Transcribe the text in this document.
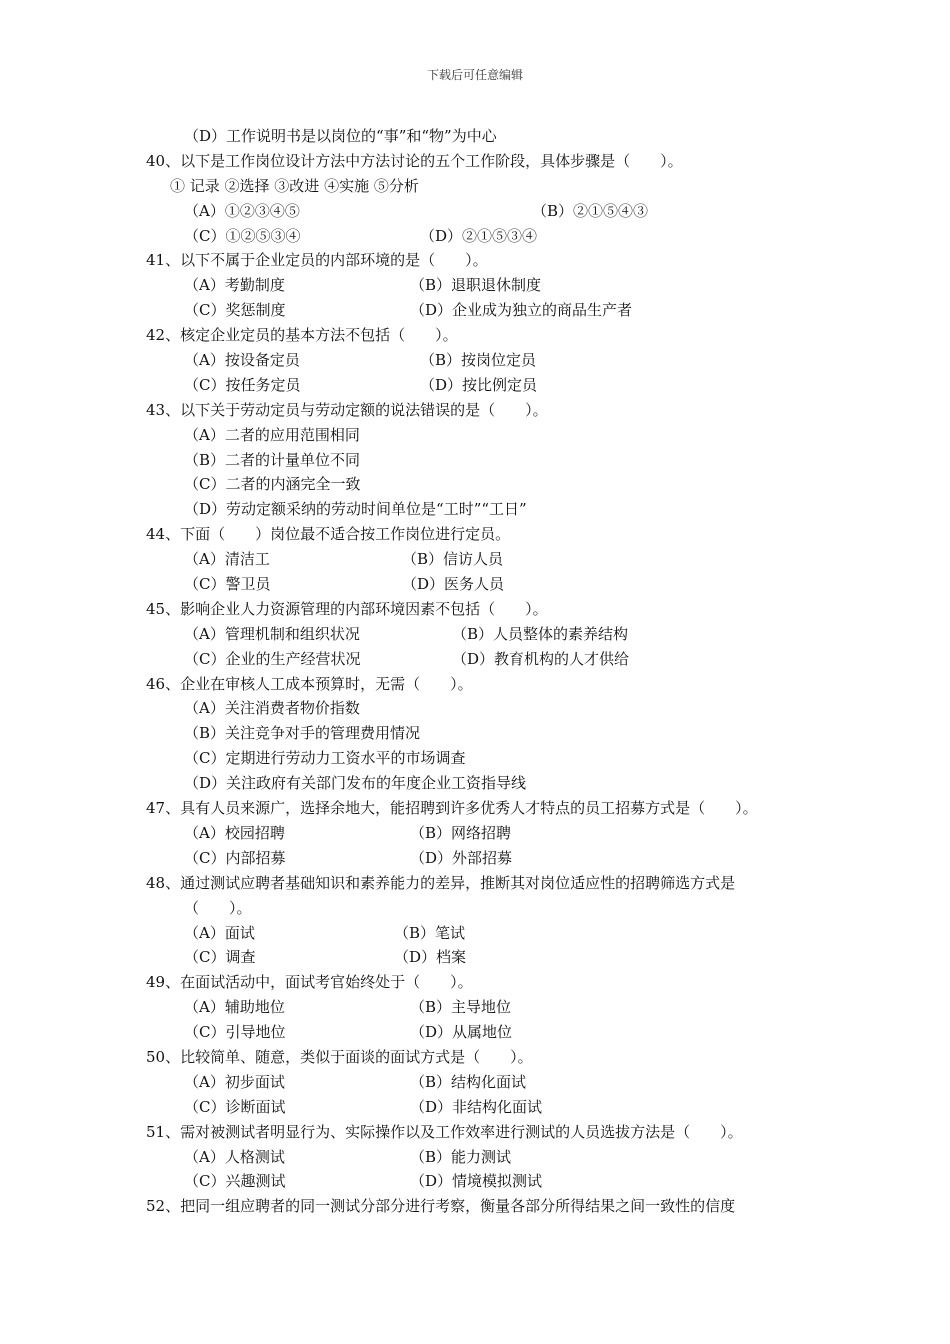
下载后可任意编辑
（D）工作说明书是以岗位的“事”和“物”为中心
40、以下是工作岗位设计方法中方法讨论的五个工作阶段，具体步骤是（　　）。
① 记录 ②选择 ③改进 ④实施 ⑤分析
（A）①②③④⑤	（B）②①⑤④③
（C）①②⑤③④	（D）②①⑤③④
41、以下不属于企业定员的内部环境的是（　　）。
（A）考勤制度	（B）退职退休制度
（C）奖惩制度	（D）企业成为独立的商品生产者
42、核定企业定员的基本方法不包括（　　）。
（A）按设备定员	（B）按岗位定员
（C）按任务定员	（D）按比例定员
43、以下关于劳动定员与劳动定额的说法错误的是（　　）。
（A）二者的应用范围相同
（B）二者的计量单位不同
（C）二者的内涵完全一致
（D）劳动定额采纳的劳动时间单位是“工时”“工日”
44、下面（　　）岗位最不适合按工作岗位进行定员。
（A）清洁工	（B）信访人员
（C）警卫员	（D）医务人员
45、影响企业人力资源管理的内部环境因素不包括（　　）。
（A）管理机制和组织状况	（B）人员整体的素养结构
（C）企业的生产经营状况	（D）教育机构的人才供给
46、企业在审核人工成本预算时，无需（　　）。
（A）关注消费者物价指数
（B）关注竞争对手的管理费用情况
（C）定期进行劳动力工资水平的市场调查
（D）关注政府有关部门发布的年度企业工资指导线
47、具有人员来源广，选择余地大，能招聘到许多优秀人才特点的员工招募方式是（　　）。
（A）校园招聘	（B）网络招聘
（C）内部招募	（D）外部招募
48、通过测试应聘者基础知识和素养能力的差异，推断其对岗位适应性的招聘筛选方式是
（　　）。
（A）面试	（B）笔试
（C）调查	（D）档案
49、在面试活动中，面试考官始终处于（　　）。
（A）辅助地位	（B）主导地位
（C）引导地位	（D）从属地位
50、比较简单、随意，类似于面谈的面试方式是（　　）。
（A）初步面试	（B）结构化面试
（C）诊断面试	（D）非结构化面试
51、需对被测试者明显行为、实际操作以及工作效率进行测试的人员选拔方法是（　　）。
（A）人格测试	（B）能力测试
（C）兴趣测试	（D）情境模拟测试
52、把同一组应聘者的同一测试分部分进行考察，衡量各部分所得结果之间一致性的信度
